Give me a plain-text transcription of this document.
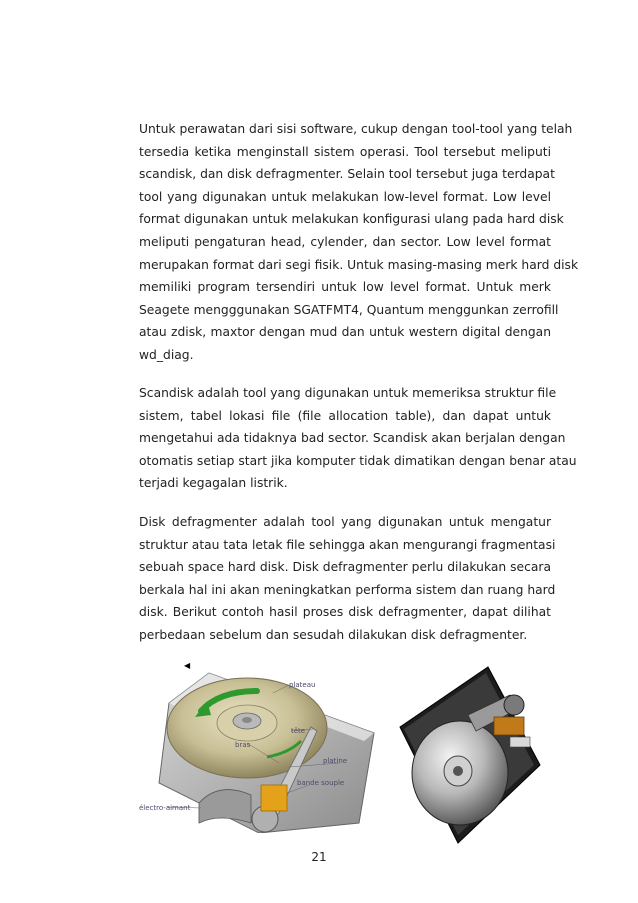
Untuk perawatan dari sisi software, cukup dengan tool-tool yang telah
tersedia ketika menginstall sistem operasi. Tool tersebut meliputi
scandisk, dan disk defragmenter. Selain tool tersebut juga terdapat
tool yang digunakan untuk melakukan low-level format. Low level
format digunakan untuk melakukan konfigurasi ulang pada hard disk
meliputi pengaturan head, cylender, dan sector. Low level format
merupakan format dari segi fisik. Untuk masing-masing merk hard disk
memiliki program tersendiri untuk low level format. Untuk merk
Seagete mengggunakan SGATFMT4, Quantum menggunkan zerrofill
atau zdisk, maxtor dengan mud dan untuk western digital dengan
wd_diag.

Scandisk adalah tool yang digunakan untuk memeriksa struktur file
sistem, tabel lokasi file (file allocation table), dan dapat untuk
mengetahui ada tidaknya bad sector. Scandisk akan berjalan dengan
otomatis setiap start jika komputer tidak dimatikan dengan benar atau
terjadi kegagalan listrik.

Disk defragmenter adalah tool yang digunakan untuk mengatur
struktur atau tata letak file sehingga akan mengurangi fragmentasi
sebuah space hard disk. Disk defragmenter perlu dilakukan secara
berkala hal ini akan meningkatkan performa sistem dan ruang hard
disk. Berikut contoh hasil proses disk defragmenter, dapat dilihat
perbedaan sebelum dan sesudah dilakukan disk defragmenter.

◀
plateau
tête
bras
platine
bande souple
électro-aimant
21
